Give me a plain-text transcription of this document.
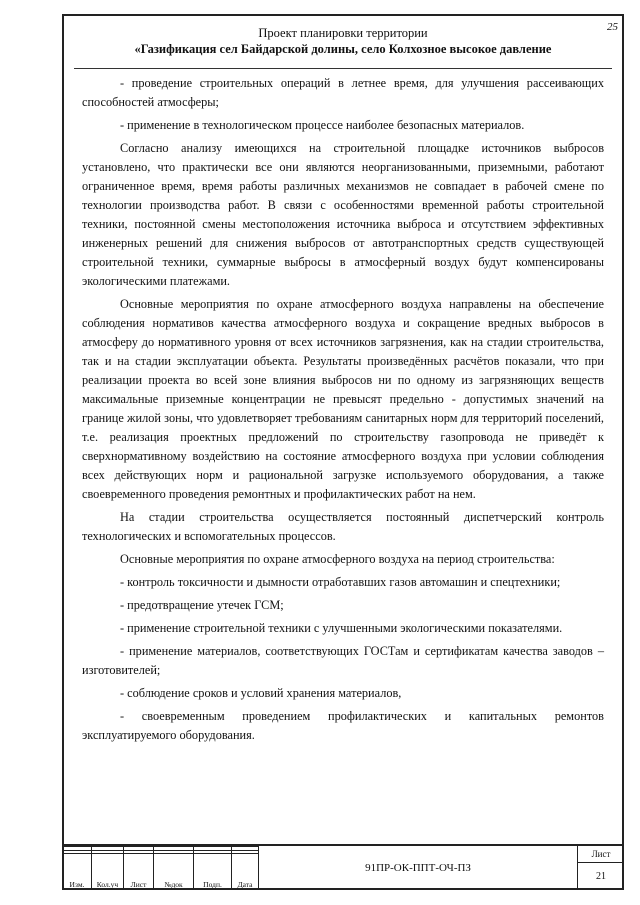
25
Проект планировки территории
«Газификация сел Байдарской долины, село Колхозное высокое давление

- проведение строительных операций в летнее время, для улучшения рассеивающих способностей атмосферы;

- применение в технологическом процессе наиболее безопасных материалов.

Согласно анализу имеющихся на строительной площадке источников выбросов установлено, что практически все они являются неорганизованными, приземными, работают ограниченное время, время работы различных механизмов не совпадает в рабочей смене по технологии производства работ. В связи с особенностями временной работы строительной техники, постоянной смены местоположения источника выброса и отсутствием эффективных инженерных решений для снижения выбросов от автотранспортных средств существующей строительной техники, суммарные выбросы в атмосферный воздух будут компенсированы экологическими платежами.

Основные мероприятия по охране атмосферного воздуха направлены на обеспечение соблюдения нормативов качества атмосферного воздуха и сокращение вредных выбросов в атмосферу до нормативного уровня от всех источников загрязнения, как на стадии строительства, так и на стадии эксплуатации объекта. Результаты произведённых расчётов показали, что при реализации проекта во всей зоне влияния выбросов ни по одному из загрязняющих веществ максимальные приземные концентрации не превысят предельно - допустимых значений на границе жилой зоны, что удовлетворяет требованиям санитарных норм для территорий поселений, т.е. реализация проектных предложений по строительству газопровода не приведёт к сверхнормативному воздействию на состояние атмосферного воздуха при условии соблюдения всех действующих норм и рациональной загрузке используемого оборудования, а также своевременного проведения ремонтных и профилактических работ на нем.

На стадии строительства осуществляется постоянный диспетчерский контроль технологических и вспомогательных процессов.

Основные мероприятия по охране атмосферного воздуха на период строительства:

- контроль токсичности и дымности отработавших газов автомашин и спецтехники;

- предотвращение утечек ГСМ;

- применение строительной техники с улучшенными экологическими показателями.

- применение материалов, соответствующих ГОСТам и сертификатам качества заводов – изготовителей;

- соблюдение сроков и условий хранения материалов,

- своевременным проведением профилактических и капитальных ремонтов эксплуатируемого оборудования.

Изм.	Кол.уч	Лист	№док	Подп.	Дата
91ПР-ОК-ППТ-ОЧ-ПЗ
Лист
21
